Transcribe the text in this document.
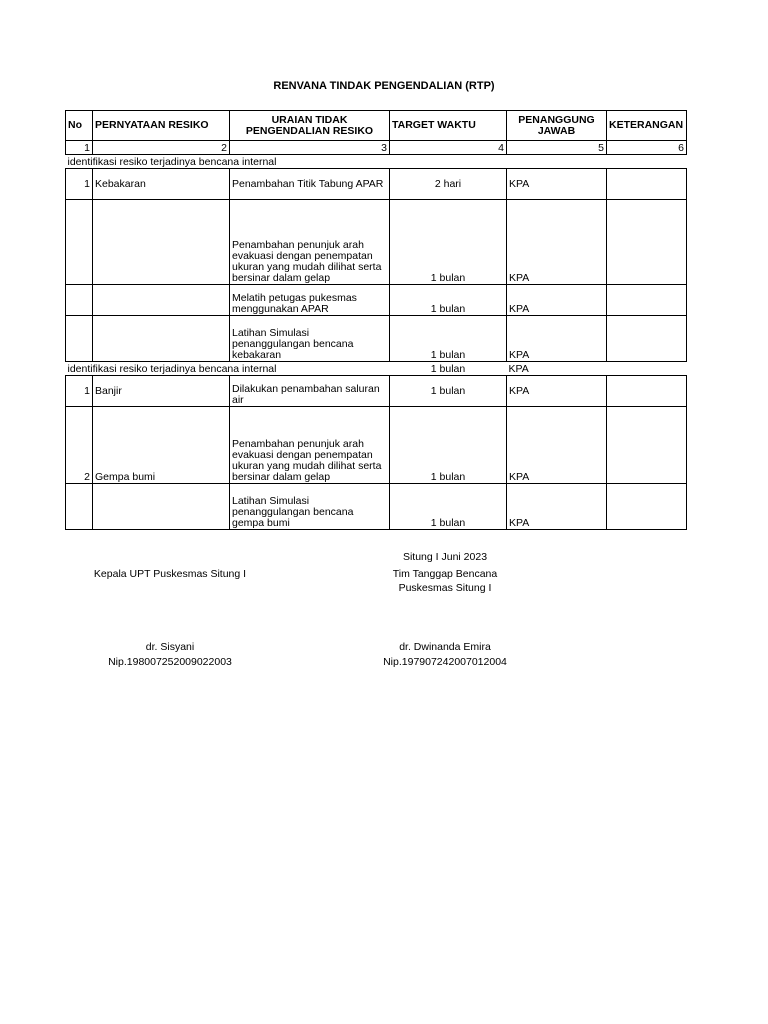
RENVANA TINDAK PENGENDALIAN (RTP)
No	PERNYATAAN RESIKO	URAIAN TIDAK PENGENDALIAN RESIKO	TARGET WAKTU	PENANGGUNG JAWAB	KETERANGAN
1	2	3	4	5	6
identifikasi resiko terjadinya bencana internal					
1	Kebakaran	Penambahan Titik Tabung APAR	2 hari	KPA	
		Penambahan penunjuk arah evakuasi dengan penempatan ukuran yang mudah dilihat serta bersinar dalam gelap	1 bulan	KPA	
		Melatih petugas pukesmas menggunakan APAR	1 bulan	KPA	
		Latihan Simulasi penanggulangan bencana kebakaran	1 bulan	KPA	
identifikasi resiko terjadinya bencana internal			1 bulan	KPA	
1	Banjir	Dilakukan penambahan saluran air	1 bulan	KPA	
2	Gempa bumi	Penambahan penunjuk arah evakuasi dengan penempatan ukuran yang mudah dilihat serta bersinar dalam gelap	1 bulan	KPA	
		Latihan Simulasi penanggulangan bencana gempa bumi	1 bulan	KPA	
Situng I Juni 2023
Kepala UPT Puskesmas Situng I	Tim Tanggap Bencana
Puskesmas Situng I
dr. Sisyani
Nip.198007252009022003
dr. Dwinanda Emira
Nip.197907242007012004
